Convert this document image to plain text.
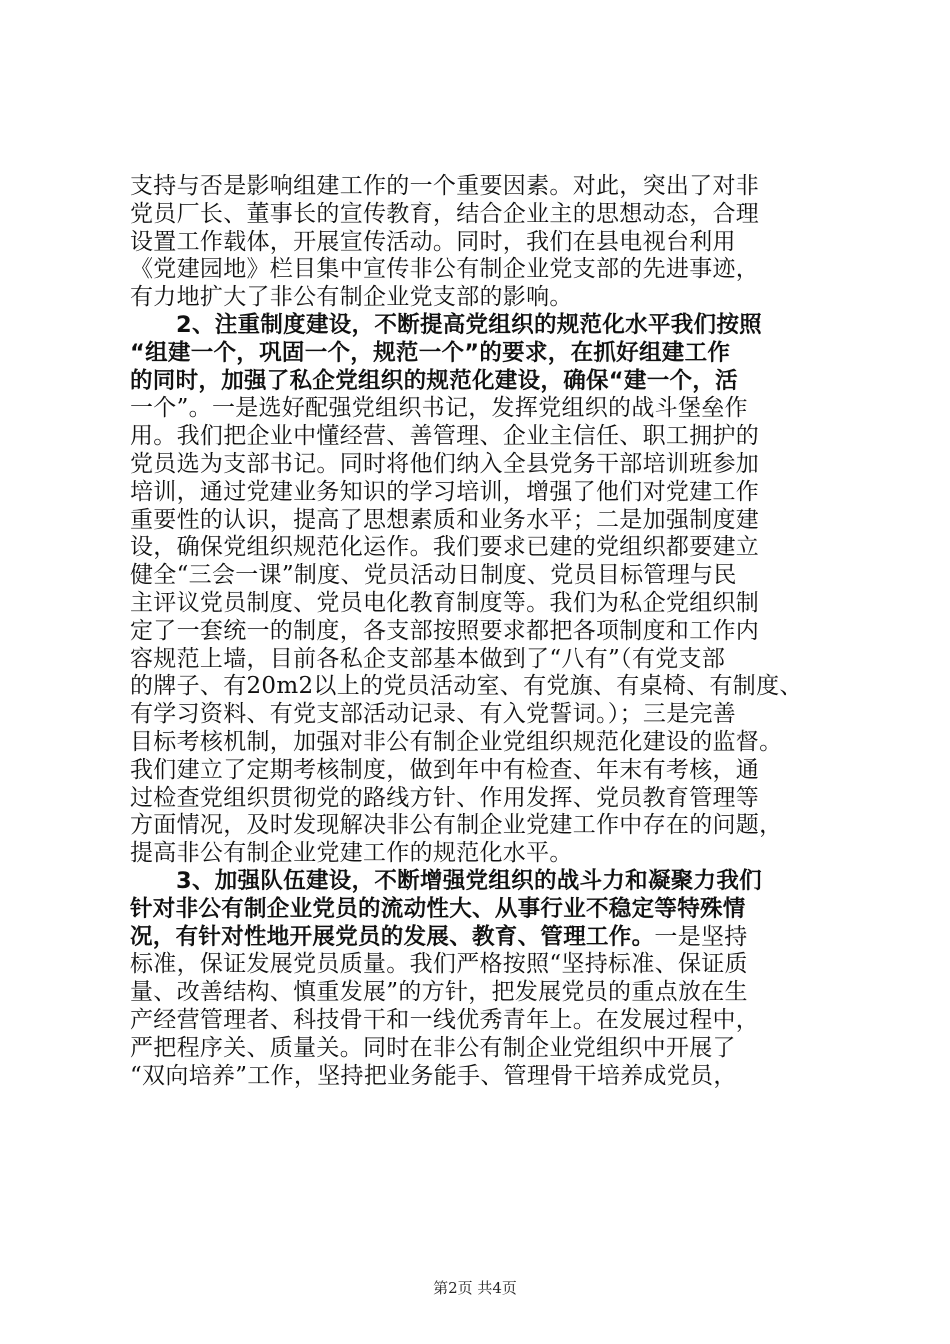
支持与否是影响组建工作的一个重要因素。对此，突出了对非
党员厂长、董事长的宣传教育，结合企业主的思想动态，合理
设置工作载体，开展宣传活动。同时，我们在县电视台利用
《党建园地》栏目集中宣传非公有制企业党支部的先进事迹，
有力地扩大了非公有制企业党支部的影响。
2、注重制度建设，不断提高党组织的规范化水平我们按照
“组建一个，巩固一个，规范一个”的要求，在抓好组建工作
的同时，加强了私企党组织的规范化建设，确保“建一个，活
一个”。一是选好配强党组织书记，发挥党组织的战斗堡垒作
用。我们把企业中懂经营、善管理、企业主信任、职工拥护的
党员选为支部书记。同时将他们纳入全县党务干部培训班参加
培训，通过党建业务知识的学习培训，增强了他们对党建工作
重要性的认识，提高了思想素质和业务水平；二是加强制度建
设，确保党组织规范化运作。我们要求已建的党组织都要建立
健全“三会一课”制度、党员活动日制度、党员目标管理与民
主评议党员制度、党员电化教育制度等。我们为私企党组织制
定了一套统一的制度，各支部按照要求都把各项制度和工作内
容规范上墙，目前各私企支部基本做到了“八有”（有党支部
的牌子、有20m2以上的党员活动室、有党旗、有桌椅、有制度、
有学习资料、有党支部活动记录、有入党誓词。）；三是完善
目标考核机制，加强对非公有制企业党组织规范化建设的监督。
我们建立了定期考核制度，做到年中有检查、年末有考核，通
过检查党组织贯彻党的路线方针、作用发挥、党员教育管理等
方面情况，及时发现解决非公有制企业党建工作中存在的问题，
提高非公有制企业党建工作的规范化水平。
3、加强队伍建设，不断增强党组织的战斗力和凝聚力我们
针对非公有制企业党员的流动性大、从事行业不稳定等特殊情
况，有针对性地开展党员的发展、教育、管理工作。一是坚持
标准，保证发展党员质量。我们严格按照“坚持标准、保证质
量、改善结构、慎重发展”的方针，把发展党员的重点放在生
产经营管理者、科技骨干和一线优秀青年上。在发展过程中，
严把程序关、质量关。同时在非公有制企业党组织中开展了
“双向培养”工作，坚持把业务能手、管理骨干培养成党员，
第2页 共4页
